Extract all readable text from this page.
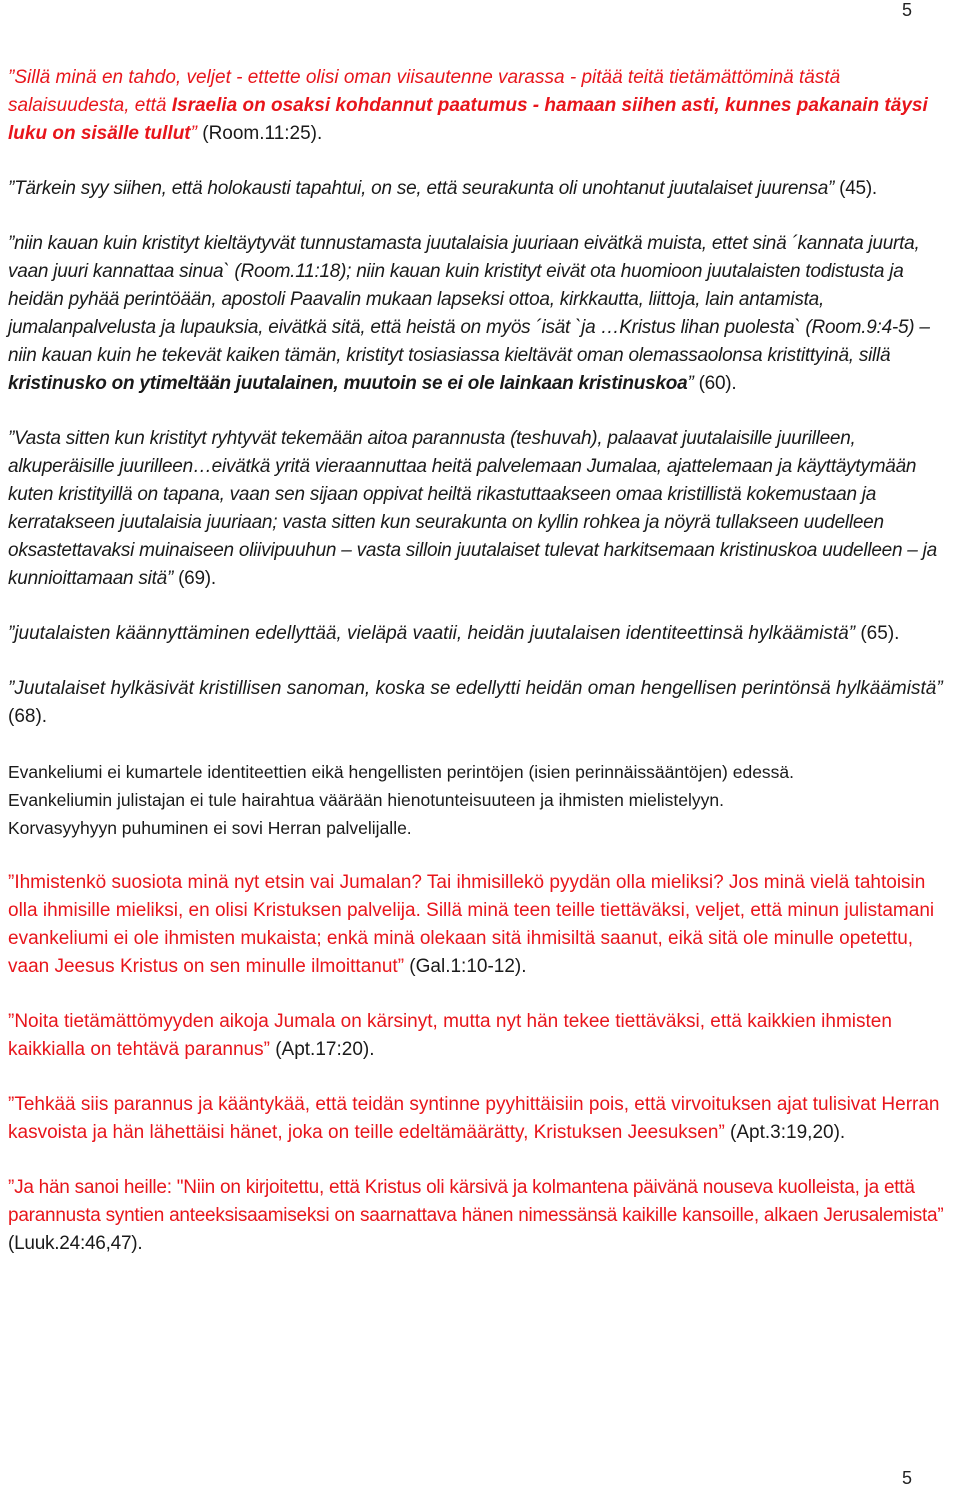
5

”Sillä minä en tahdo, veljet - ettette olisi oman viisautenne varassa - pitää teitä tietämättöminä tästä salaisuudesta, että Israelia on osaksi kohdannut paatumus - hamaan siihen asti, kunnes pakanain täysi luku on sisälle tullut” (Room.11:25).

”Tärkein syy siihen, että holokausti tapahtui, on se, että seurakunta oli unohtanut juutalaiset juurensa” (45).

”niin kauan kuin kristityt kieltäytyvät tunnustamasta juutalaisia juuriaan eivätkä muista, ettet sinä ´kannata juurta, vaan juuri kannattaa sinua` (Room.11:18); niin kauan kuin kristityt eivät ota huomioon juutalaisten todistusta ja heidän pyhää perintöään, apostoli Paavalin mukaan lapseksi ottoa, kirkkautta, liittoja, lain antamista, jumalanpalvelusta ja lupauksia, eivätkä sitä, että heistä on myös ´isät `ja …Kristus lihan puolesta` (Room.9:4-5) – niin kauan kuin he tekevät kaiken tämän, kristityt tosiasiassa kieltävät oman olemassaolonsa kristittyinä, sillä kristinusko on ytimeltään juutalainen, muutoin se ei ole lainkaan kristinuskoa” (60).

”Vasta sitten kun kristityt ryhtyvät tekemään aitoa parannusta (teshuvah), palaavat juutalaisille juurilleen, alkuperäisille juurilleen…eivätkä yritä vieraannuttaa heitä palvelemaan Jumalaa, ajattelemaan ja käyttäytymään kuten kristityillä on tapana, vaan sen sijaan oppivat heiltä rikastuttaakseen omaa kristillistä kokemustaan ja kerratakseen juutalaisia juuriaan; vasta sitten kun seurakunta on kyllin rohkea ja nöyrä tullakseen uudelleen oksastettavaksi muinaiseen oliivipuuhun – vasta silloin juutalaiset tulevat harkitsemaan kristinuskoa uudelleen – ja kunnioittamaan sitä” (69).

”juutalaisten käännyttäminen edellyttää, vieläpä vaatii, heidän juutalaisen identiteettinsä hylkäämistä” (65).

”Juutalaiset hylkäsivät kristillisen sanoman, koska se edellytti heidän oman hengellisen perintönsä hylkäämistä” (68).

Evankeliumi ei kumartele identiteettien eikä hengellisten perintöjen (isien perinnäissääntöjen) edessä.

Evankeliumin julistajan ei tule hairahtua väärään hienotunteisuuteen ja ihmisten mielistelyyn.

Korvasyyhyyn puhuminen ei sovi Herran palvelijalle.

”Ihmistenkö suosiota minä nyt etsin vai Jumalan? Tai ihmisillekö pyydän olla mieliksi? Jos minä vielä tahtoisin olla ihmisille mieliksi, en olisi Kristuksen palvelija. Sillä minä teen teille tiettäväksi, veljet, että minun julistamani evankeliumi ei ole ihmisten mukaista; enkä minä olekaan sitä ihmisiltä saanut, eikä sitä ole minulle opetettu, vaan Jeesus Kristus on sen minulle ilmoittanut” (Gal.1:10-12).

”Noita tietämättömyyden aikoja Jumala on kärsinyt, mutta nyt hän tekee tiettäväksi, että kaikkien ihmisten kaikkialla on tehtävä parannus” (Apt.17:20).

”Tehkää siis parannus ja kääntykää, että teidän syntinne pyyhittäisiin pois, että virvoituksen ajat tulisivat Herran kasvoista ja hän lähettäisi hänet, joka on teille edeltämäärätty, Kristuksen Jeesuksen” (Apt.3:19,20).

”Ja hän sanoi heille: "Niin on kirjoitettu, että Kristus oli kärsivä ja kolmantena päivänä nouseva kuolleista, ja että parannusta syntien anteeksisaamiseksi on saarnattava hänen nimessänsä kaikille kansoille, alkaen Jerusalemista” (Luuk.24:46,47).

5
